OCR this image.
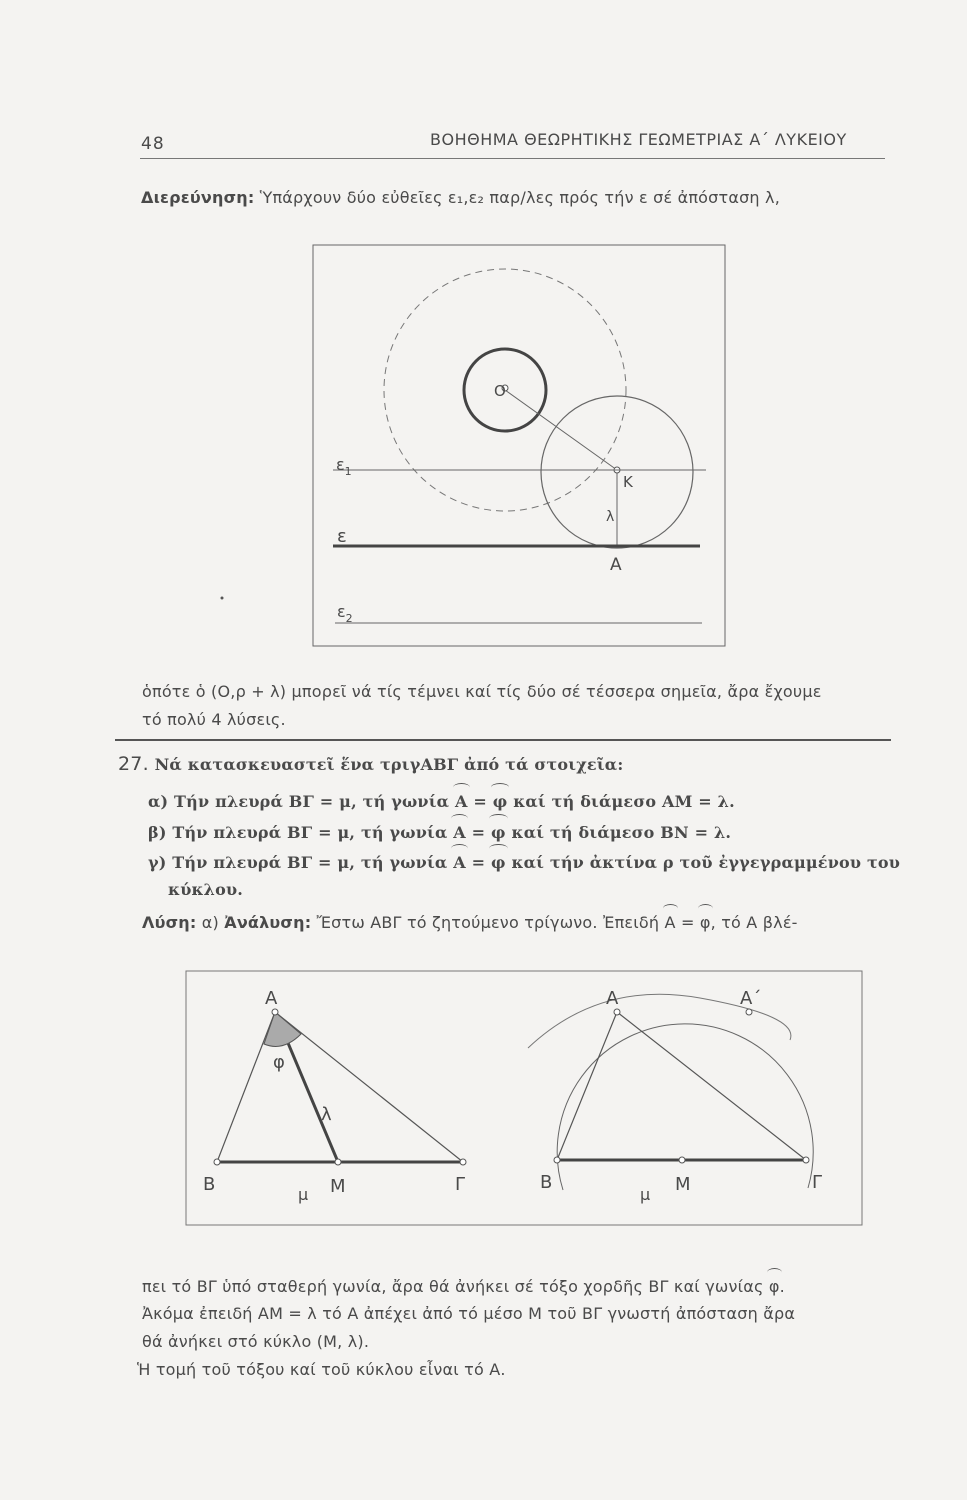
48	ΒΟΗΘΗΜΑ ΘΕΩΡΗΤΙΚΗΣ ΓΕΩΜΕΤΡΙΑΣ Α΄ ΛΥΚΕΙΟΥ
Διερεύνηση: Ὑπάρχουν δύο εὐθεῖες ε₁,ε₂ παρ/λες πρός τήν ε σέ ἀπόσταση λ,
O
K
λ
A
$\varepsilon_1$
ε
$\varepsilon_2$
ὁπότε ὁ (Ο,ρ + λ) μπορεῖ νά τίς τέμνει καί τίς δύο σέ τέσσερα σημεῖα, ἄρα ἔχουμε
τό πολύ 4 λύσεις.
27. Νά κατασκευαστεῖ ἕνα τριγΑΒΓ ἀπό τά στοιχεῖα:
α) Τήν πλευρά ΒΓ = μ, τή γωνία Α = φ καί τή διάμεσο ΑΜ = λ.
β) Τήν πλευρά ΒΓ = μ, τή γωνία Α = φ καί τή διάμεσο ΒΝ = λ.
γ) Τήν πλευρά ΒΓ = μ, τή γωνία Α = φ καί τήν ἀκτίνα ρ τοῦ ἐγγεγραμμένου του
κύκλου.
Λύση: α) Ἀνάλυση: Ἔστω ΑΒΓ τό ζητούμενο τρίγωνο. Ἐπειδή Α = φ, τό Α βλέ-
A
φ
λ
B	μ M	Γ
A	A΄
B
μ M	Γ
πει τό ΒΓ ὑπό σταθερή γωνία, ἄρα θά ἀνήκει σέ τόξο χορδῆς ΒΓ καί γωνίας φ.
Ἀκόμα ἐπειδή ΑΜ = λ τό Α ἀπέχει ἀπό τό μέσο Μ τοῦ ΒΓ γνωστή ἀπόσταση ἄρα
θά ἀνήκει στό κύκλο (Μ, λ).
Ἡ τομή τοῦ τόξου καί τοῦ κύκλου εἶναι τό Α.
